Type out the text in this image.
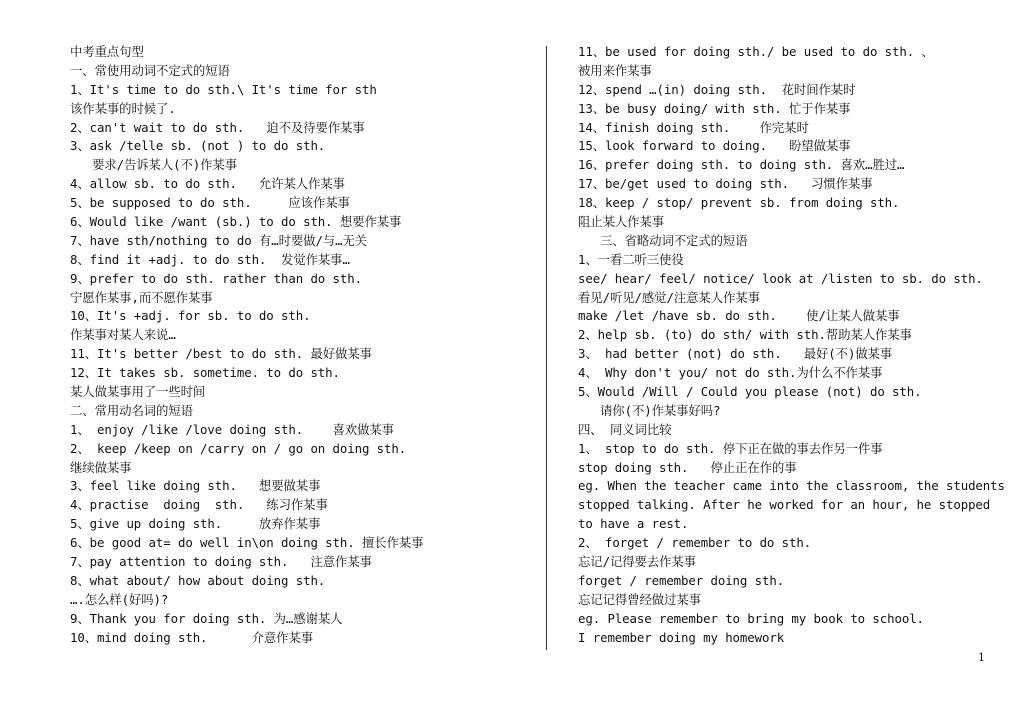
中考重点句型
一、常使用动词不定式的短语
1、It's time to do sth.\ It's time for sth
该作某事的时候了.
2、can't wait to do sth.   迫不及待要作某事
3、ask /telle sb. (not ) to do sth.
要求/告诉某人(不)作某事
4、allow sb. to do sth.   允许某人作某事
5、be supposed to do sth.     应该作某事
6、Would like /want (sb.) to do sth. 想要作某事
7、have sth/nothing to do 有…时要做/与…无关
8、find it +adj. to do sth.  发觉作某事…
9、prefer to do sth. rather than do sth.
宁愿作某事,而不愿作某事
10、It's +adj. for sb. to do sth.
作某事对某人来说…
11、It's better /best to do sth. 最好做某事
12、It takes sb. sometime. to do sth.
某人做某事用了一些时间
二、常用动名词的短语
1、 enjoy /like /love doing sth.    喜欢做某事
2、 keep /keep on /carry on / go on doing sth.
继续做某事
3、feel like doing sth.   想要做某事
4、practise  doing  sth.   练习作某事
5、give up doing sth.     放弃作某事
6、be good at= do well in\on doing sth. 擅长作某事
7、pay attention to doing sth.   注意作某事
8、what about/ how about doing sth.
….怎么样(好吗)?
9、Thank you for doing sth. 为…感谢某人
10、mind doing sth.      介意作某事
11、be used for doing sth./ be used to do sth. 、
被用来作某事
12、spend …(in) doing sth.  花时间作某时
13、be busy doing/ with sth. 忙于作某事
14、finish doing sth.    作完某时
15、look forward to doing.   盼望做某事
16、prefer doing sth. to doing sth. 喜欢…胜过…
17、be/get used to doing sth.   习惯作某事
18、keep / stop/ prevent sb. from doing sth.
阻止某人作某事
三、省略动词不定式的短语
1、一看二听三使役
see/ hear/ feel/ notice/ look at /listen to sb. do sth.
看见/听见/感觉/注意某人作某事
make /let /have sb. do sth.    使/让某人做某事
2、help sb. (to) do sth/ with sth.帮助某人作某事
3、 had better (not) do sth.   最好(不)做某事
4、 Why don't you/ not do sth.为什么不作某事
5、Would /Will / Could you please (not) do sth.
请你(不)作某事好吗?
四、 同义词比较
1、 stop to do sth. 停下正在做的事去作另一件事
stop doing sth.   停止正在作的事
eg. When the teacher came into the classroom, the students
stopped talking. After he worked for an hour, he stopped
to have a rest.
2、 forget / remember to do sth.
忘记/记得要去作某事
forget / remember doing sth.
忘记记得曾经做过某事
eg. Please remember to bring my book to school.
I remember doing my homework
1
